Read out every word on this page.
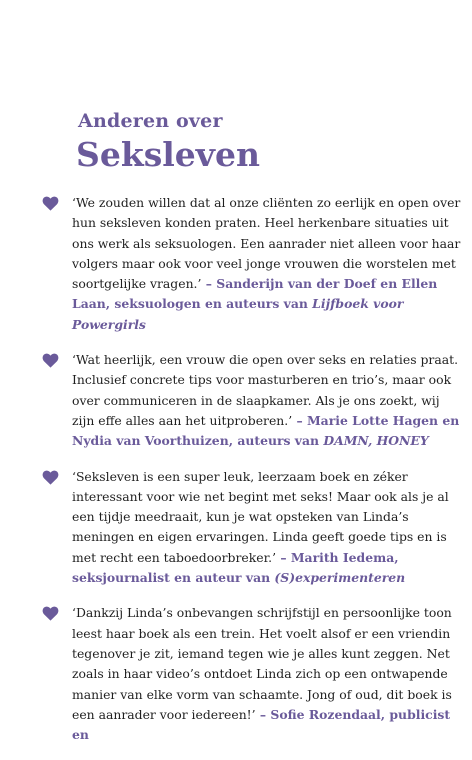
Anderen over
Seksleven

‘We zouden willen dat al onze cliënten zo eerlijk en open over hun seksleven konden praten. Heel herkenbare situaties uit ons werk als seksuologen. Een aanrader niet alleen voor haar volgers maar ook voor veel jonge vrouwen die worstelen met soortgelijke vragen.’ – Sanderijn van der Doef en Ellen Laan, seksuologen en auteurs van Lijfboek voor Powergirls

‘Wat heerlijk, een vrouw die open over seks en relaties praat. Inclusief concrete tips voor masturberen en trio’s, maar ook over communiceren in de slaapkamer. Als je ons zoekt, wij zijn effe alles aan het uitproberen.’ – Marie Lotte Hagen en Nydia van Voorthuizen, auteurs van DAMN, HONEY

‘Seksleven is een super leuk, leerzaam boek en zéker interessant voor wie net begint met seks! Maar ook als je al een tijdje meedraait, kun je wat opsteken van Linda’s meningen en eigen ervaringen. Linda geeft goede tips en is met recht een taboedoorbreker.’ – Marith Iedema, seksjournalist en auteur van (S)experimenteren

‘Dankzij Linda’s onbevangen schrijfstijl en persoonlijke toon leest haar boek als een trein. Het voelt alsof er een vriendin tegenover je zit, iemand tegen wie je alles kunt zeggen. Net zoals in haar video’s ontdoet Linda zich op een ontwapende manier van elke vorm van schaamte. Jong of oud, dit boek is een aanrader voor iedereen!’ – Sofie Rozendaal, publicist en
